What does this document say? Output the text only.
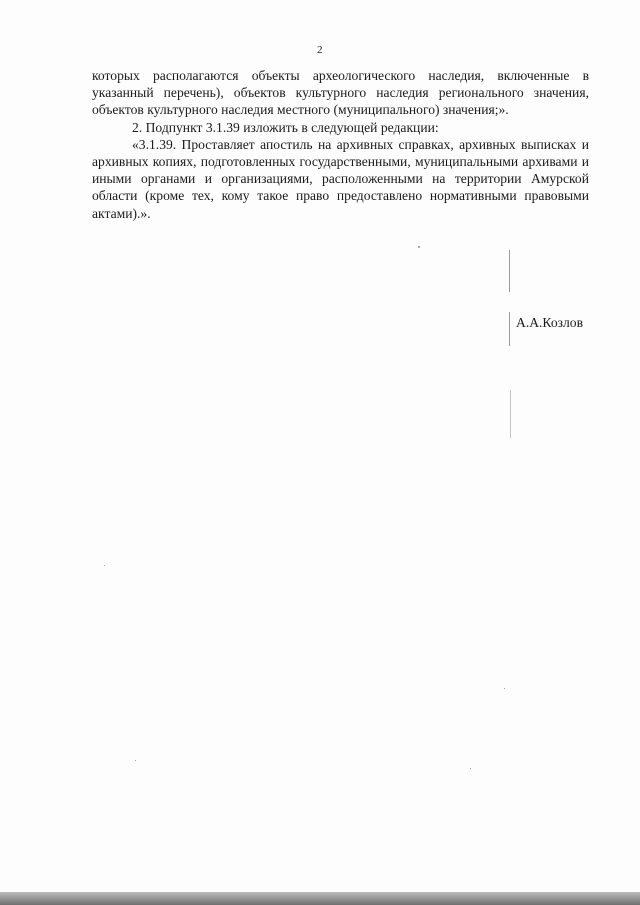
2

которых располагаются объекты археологического наследия, включенные в указанный перечень), объектов культурного наследия регионального значения, объектов культурного наследия местного (муниципального) значения;».

2. Подпункт 3.1.39 изложить в следующей редакции:

«3.1.39. Проставляет апостиль на архивных справках, архивных выписках и архивных копиях, подготовленных государственными, муниципальными архивами и иными органами и организациями, расположенными на территории Амурской области (кроме тех, кому такое право предоставлено нормативными правовыми актами).».

А.А.Козлов
